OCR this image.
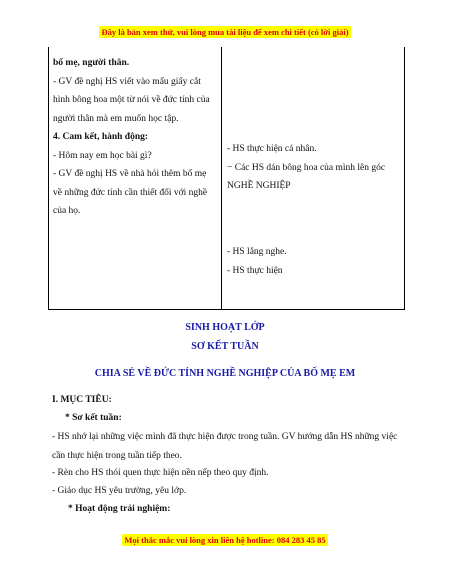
Đây là bản xem thử, vui lòng mua tài liệu để xem chi tiết (có lời giải)

bố mẹ, người thân.

- GV đề nghị HS viết vào mẩu giấy cắt hình bông hoa một từ nói về đức tính của người thân mà em muốn học tập.

4. Cam kết, hành động:

- Hôm nay em học bài gì?

- GV đề nghị HS về nhà hỏi thêm bố mẹ về những đức tính cần thiết đối với nghề của họ.

- HS thực hiện cá nhân.

− Các HS dán bông hoa của mình lên góc NGHỀ NGHIỆP

- HS lắng nghe.

- HS thực hiện

SINH HOẠT LỚP
SƠ KẾT TUẦN
CHIA SẺ VỀ ĐỨC TÍNH NGHỀ NGHIỆP CỦA BỐ MẸ EM
I. MỤC TIÊU:
* Sơ kết tuần:
- HS nhớ lại những việc mình đã thực hiện được trong tuần. GV hướng dẫn HS những việc cần thực hiện trong tuần tiếp theo.
- Rèn cho HS thói quen thực hiện nền nếp theo quy định.
- Giáo dục HS yêu trường, yêu lớp.
* Hoạt động trải nghiệm:
Mọi thắc mắc vui lòng xin liên hệ hotline: 084 283 45 85
